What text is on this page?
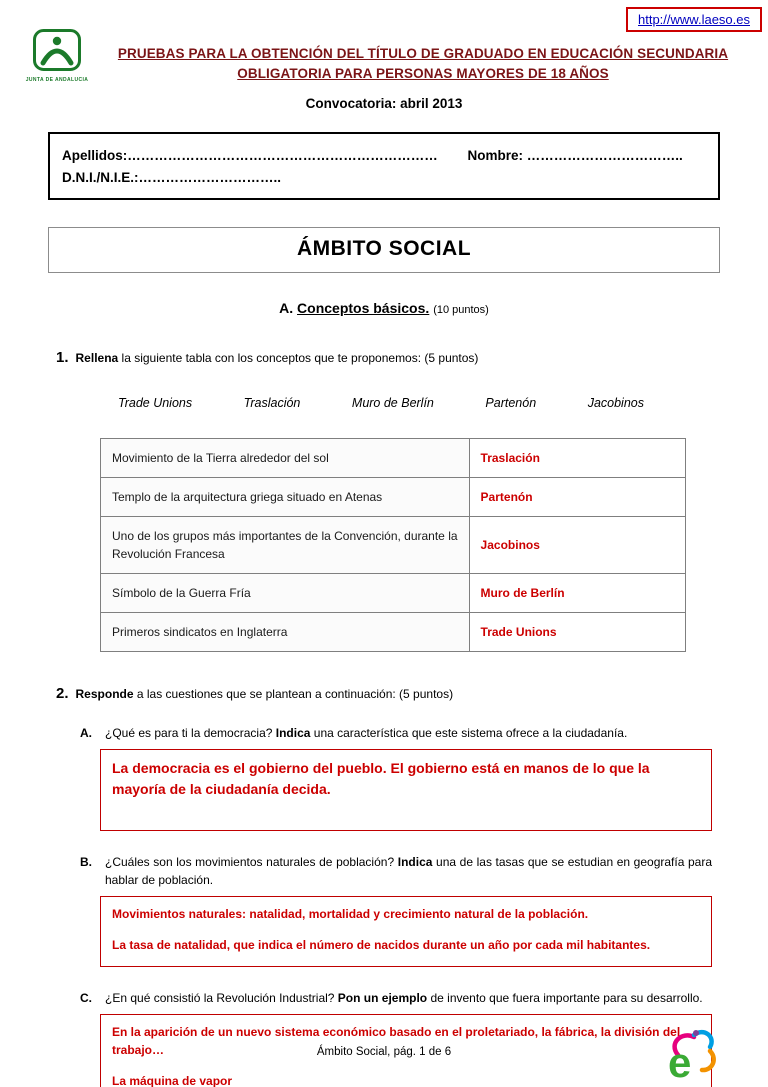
http://www.laeso.es
JUNTA DE ANDALUCIA
PRUEBAS PARA LA OBTENCIÓN DEL TÍTULO DE GRADUADO EN EDUCACIÓN SECUNDARIA
OBLIGATORIA PARA PERSONAS MAYORES DE 18 AÑOS
Convocatoria: abril 2013
Apellidos:…………………………………………………………… Nombre: ……………………………..
D.N.I./N.I.E.:…………………………..
ÁMBITO SOCIAL
A. Conceptos básicos. (10 puntos)
1. Rellena la siguiente tabla con los conceptos que te proponemos: (5 puntos)
Trade Unions	Traslación	Muro de Berlín	Partenón	Jacobinos
Movimiento de la Tierra alrededor del sol	Traslación
Templo de la arquitectura griega situado en Atenas	Partenón
Uno de los grupos más importantes de la Convención, durante la Revolución Francesa	Jacobinos
Símbolo de la Guerra Fría	Muro de Berlín
Primeros sindicatos en Inglaterra	Trade Unions
2. Responde a las cuestiones que se plantean a continuación: (5 puntos)
A.	¿Qué es para ti la democracia? Indica una característica que este sistema ofrece a la ciudadanía.

La democracia es el gobierno del pueblo. El gobierno está en manos de lo que la mayoría de la ciudadanía decida.

B.	¿Cuáles son los movimientos naturales de población? Indica una de las tasas que se estudian en geografía para hablar de población.

Movimientos naturales: natalidad, mortalidad y crecimiento natural de la población.

La tasa de natalidad, que indica el número de nacidos durante un año por cada mil habitantes.

C.	¿En qué consistió la Revolución Industrial? Pon un ejemplo de invento que fuera importante para su desarrollo.

En la aparición de un nuevo sistema económico basado en el proletariado, la fábrica, la división del trabajo…

La máquina de vapor

Ámbito Social, pág. 1 de 6	e
